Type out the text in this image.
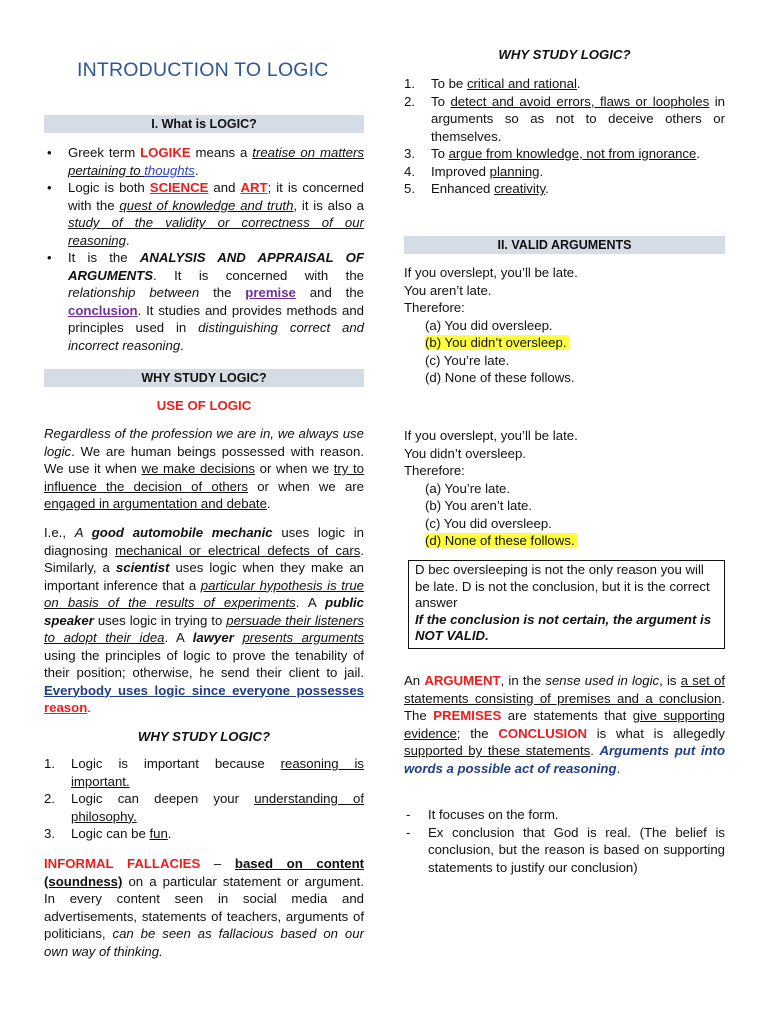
INTRODUCTION TO LOGIC
I. What is LOGIC?
• Greek term LOGIKE means a treatise on matters pertaining to thoughts.
• Logic is both SCIENCE and ART; it is concerned with the quest of knowledge and truth, it is also a study of the validity or correctness of our reasoning.
• It is the ANALYSIS AND APPRAISAL OF ARGUMENTS. It is concerned with the relationship between the premise and the conclusion. It studies and provides methods and principles used in distinguishing correct and incorrect reasoning.
WHY STUDY LOGIC?
USE OF LOGIC

Regardless of the profession we are in, we always use logic. We are human beings possessed with reason. We use it when we make decisions or when we try to influence the decision of others or when we are engaged in argumentation and debate.

I.e., A good automobile mechanic uses logic in diagnosing mechanical or electrical defects of cars. Similarly, a scientist uses logic when they make an important inference that a particular hypothesis is true on basis of the results of experiments. A public speaker uses logic in trying to persuade their listeners to adopt their idea. A lawyer presents arguments using the principles of logic to prove the tenability of their position; otherwise, he send their client to jail. Everybody uses logic since everyone possesses reason.

WHY STUDY LOGIC?
1. Logic is important because reasoning is important.
2. Logic can deepen your understanding of philosophy.
3. Logic can be fun.

INFORMAL FALLACIES – based on content (soundness) on a particular statement or argument. In every content seen in social media and advertisements, statements of teachers, arguments of politicians, can be seen as fallacious based on our own way of thinking.

WHY STUDY LOGIC?
1. To be critical and rational.
2. To detect and avoid errors, flaws or loopholes in arguments so as not to deceive others or themselves.
3. To argue from knowledge, not from ignorance.
4. Improved planning.
5. Enhanced creativity.
II. VALID ARGUMENTS

If you overslept, you’ll be late.

You aren’t late.

Therefore:

(a) You did oversleep.
(b) You didn’t oversleep.
(c) You’re late.
(d) None of these follows.

If you overslept, you’ll be late.

You didn’t oversleep.

Therefore:

(a) You’re late.
(b) You aren’t late.
(c) You did oversleep.
(d) None of these follows.

D bec oversleeping is not the only reason you will be late. D is not the conclusion, but it is the correct answer

If the conclusion is not certain, the argument is NOT VALID.

An ARGUMENT, in the sense used in logic, is a set of statements consisting of premises and a conclusion. The PREMISES are statements that give supporting evidence; the CONCLUSION is what is allegedly supported by these statements. Arguments put into words a possible act of reasoning.

- It focuses on the form.
- Ex conclusion that God is real. (The belief is conclusion, but the reason is based on supporting statements to justify our conclusion)
